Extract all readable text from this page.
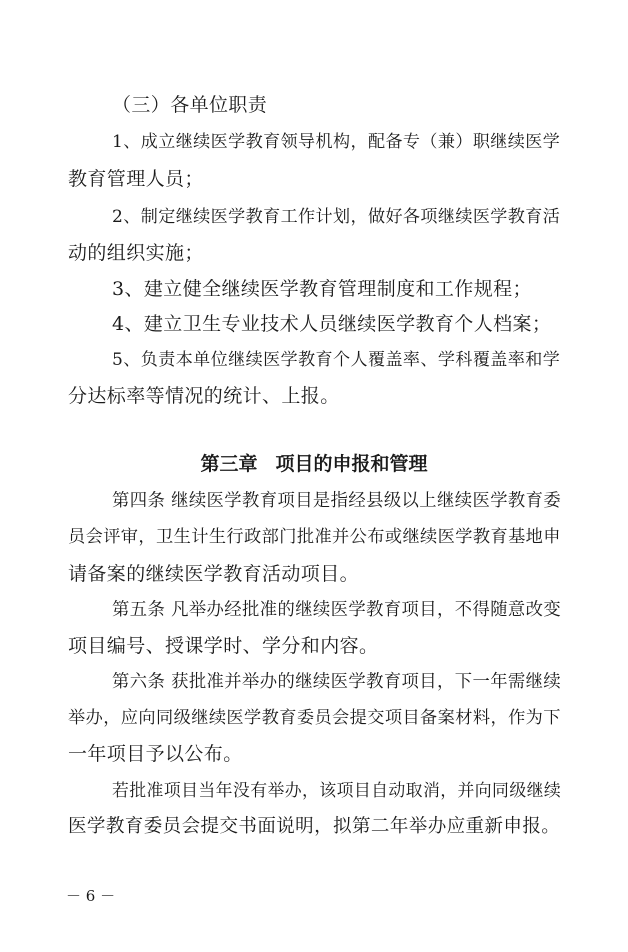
（三）各单位职责
1、成立继续医学教育领导机构，配备专（兼）职继续医学
教育管理人员；
2、制定继续医学教育工作计划，做好各项继续医学教育活
动的组织实施；
3、建立健全继续医学教育管理制度和工作规程；
4、建立卫生专业技术人员继续医学教育个人档案；
5、负责本单位继续医学教育个人覆盖率、学科覆盖率和学
分达标率等情况的统计、上报。
第三章 项目的申报和管理
第四条 继续医学教育项目是指经县级以上继续医学教育委
员会评审，卫生计生行政部门批准并公布或继续医学教育基地申
请备案的继续医学教育活动项目。
第五条 凡举办经批准的继续医学教育项目，不得随意改变
项目编号、授课学时、学分和内容。
第六条 获批准并举办的继续医学教育项目，下一年需继续
举办，应向同级继续医学教育委员会提交项目备案材料，作为下
一年项目予以公布。
若批准项目当年没有举办，该项目自动取消，并向同级继续
医学教育委员会提交书面说明，拟第二年举办应重新申报。
－ 6 －
